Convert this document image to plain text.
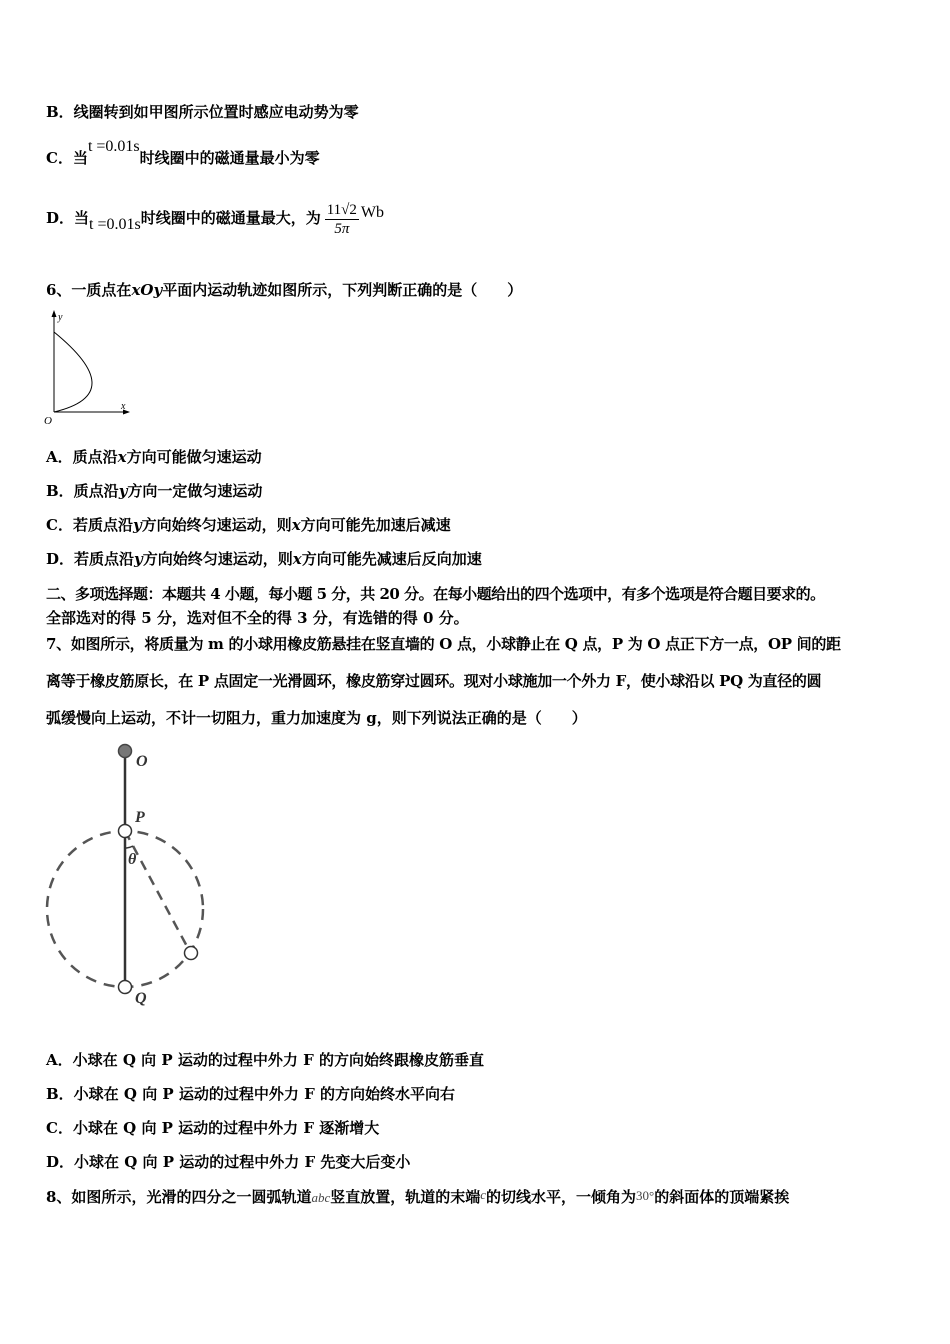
B．线圈转到如甲图所示位置时感应电动势为零
C．当t =0.01s时线圈中的磁通量最小为零
D．当t =0.01s时线圈中的磁通量最大，为 $\frac{11√2}{5\pi}$ Wb
6、一质点在xOy平面内运动轨迹如图所示，下列判断正确的是（　　）
y
x
O
A．质点沿x方向可能做匀速运动
B．质点沿y方向一定做匀速运动
C．若质点沿y方向始终匀速运动，则x方向可能先加速后减速
D．若质点沿y方向始终匀速运动，则x方向可能先减速后反向加速
二、多项选择题：本题共 4 小题，每小题 5 分，共 20 分。在每小题给出的四个选项中，有多个选项是符合题目要求的。
全部选对的得 5 分，选对但不全的得 3 分，有选错的得 0 分。
7、如图所示，将质量为 m 的小球用橡皮筋悬挂在竖直墙的 O 点，小球静止在 Q 点，P 为 O 点正下方一点，OP 间的距
离等于橡皮筋原长，在 P 点固定一光滑圆环，橡皮筋穿过圆环。现对小球施加一个外力 F，使小球沿以 PQ 为直径的圆
弧缓慢向上运动，不计一切阻力，重力加速度为 g，则下列说法正确的是（　　）
O
P
θ
Q
A．小球在 Q 向 P 运动的过程中外力 F 的方向始终跟橡皮筋垂直
B．小球在 Q 向 P 运动的过程中外力 F 的方向始终水平向右
C．小球在 Q 向 P 运动的过程中外力 F 逐渐增大
D．小球在 Q 向 P 运动的过程中外力 F 先变大后变小
8、如图所示，光滑的四分之一圆弧轨道abc竖直放置，轨道的末端c的切线水平，一倾角为30°的斜面体的顶端紧挨
